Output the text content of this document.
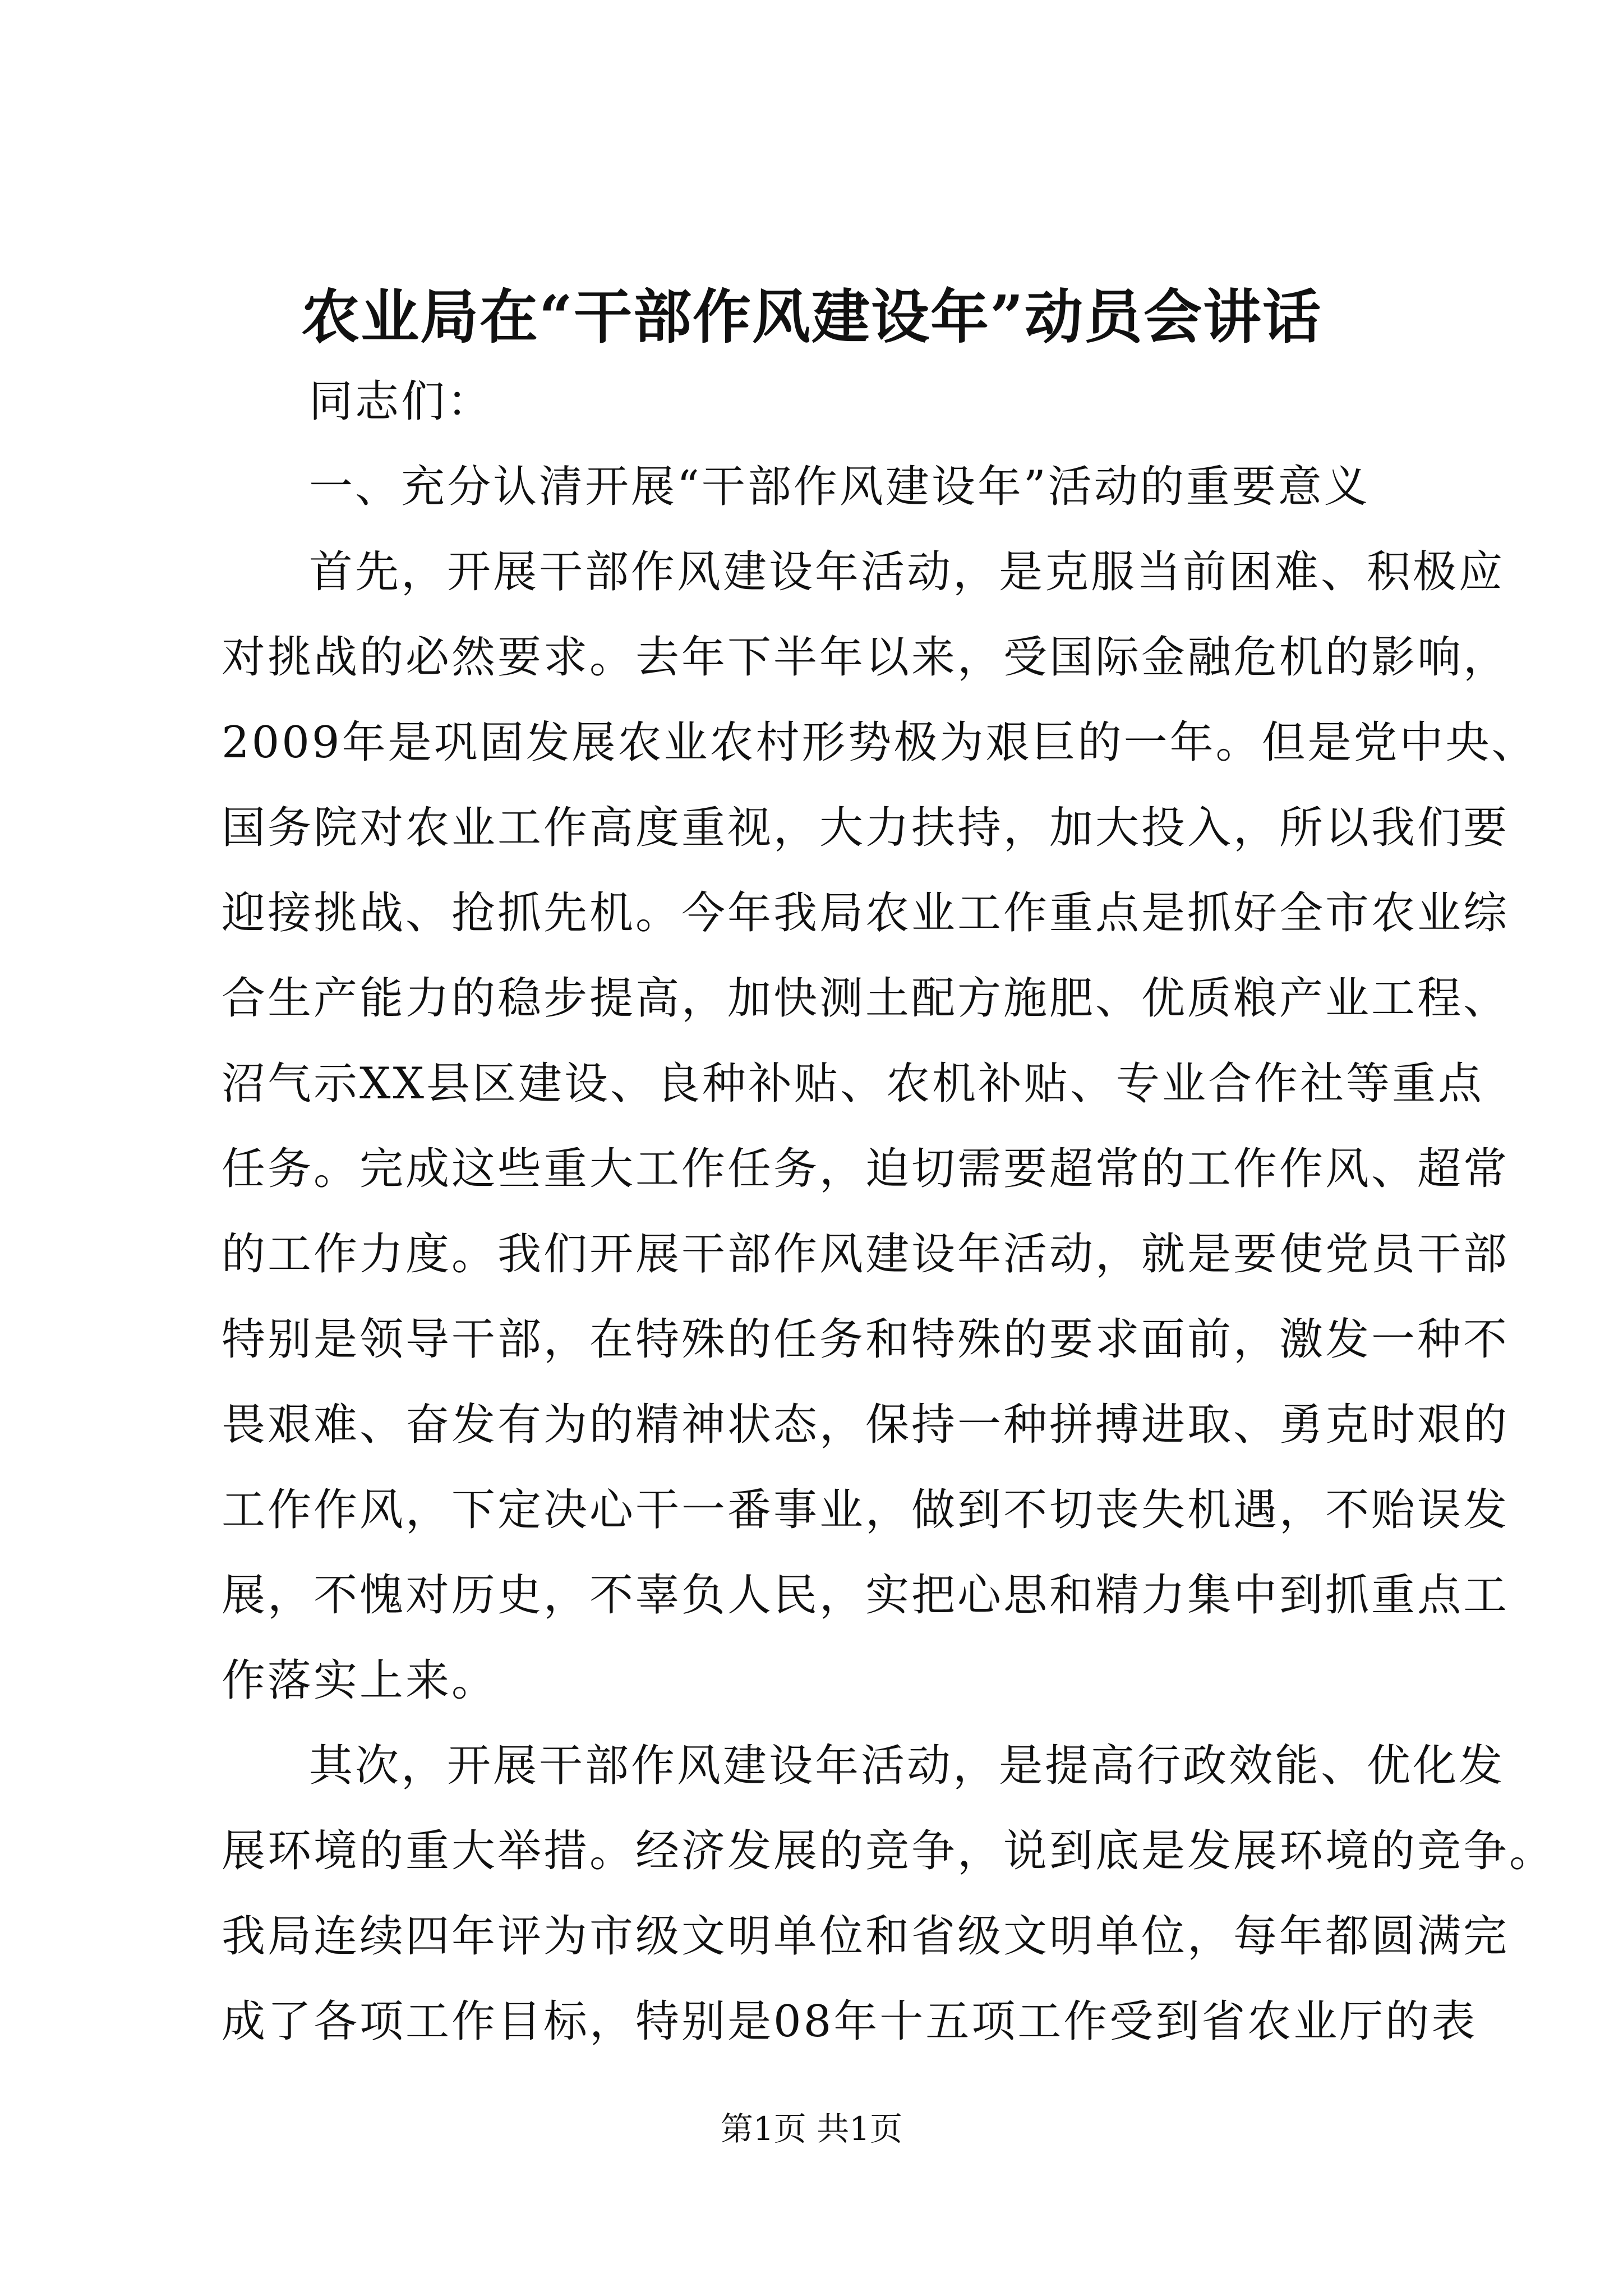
农业局在“干部作风建设年”动员会讲话
同志们：
一、充分认清开展“干部作风建设年”活动的重要意义
首先，开展干部作风建设年活动，是克服当前困难、积极应
对挑战的必然要求。去年下半年以来，受国际金融危机的影响，
2009年是巩固发展农业农村形势极为艰巨的一年。但是党中央、
国务院对农业工作高度重视，大力扶持，加大投入，所以我们要
迎接挑战、抢抓先机。今年我局农业工作重点是抓好全市农业综
合生产能力的稳步提高，加快测土配方施肥、优质粮产业工程、
沼气示XX县区建设、良种补贴、农机补贴、专业合作社等重点
任务。完成这些重大工作任务，迫切需要超常的工作作风、超常
的工作力度。我们开展干部作风建设年活动，就是要使党员干部
特别是领导干部，在特殊的任务和特殊的要求面前，激发一种不
畏艰难、奋发有为的精神状态，保持一种拼搏进取、勇克时艰的
工作作风，下定决心干一番事业，做到不切丧失机遇，不贻误发
展，不愧对历史，不辜负人民，实把心思和精力集中到抓重点工
作落实上来。
其次，开展干部作风建设年活动，是提高行政效能、优化发
展环境的重大举措。经济发展的竞争，说到底是发展环境的竞争。
我局连续四年评为市级文明单位和省级文明单位，每年都圆满完
成了各项工作目标，特别是08年十五项工作受到省农业厅的表
第1页 共1页
